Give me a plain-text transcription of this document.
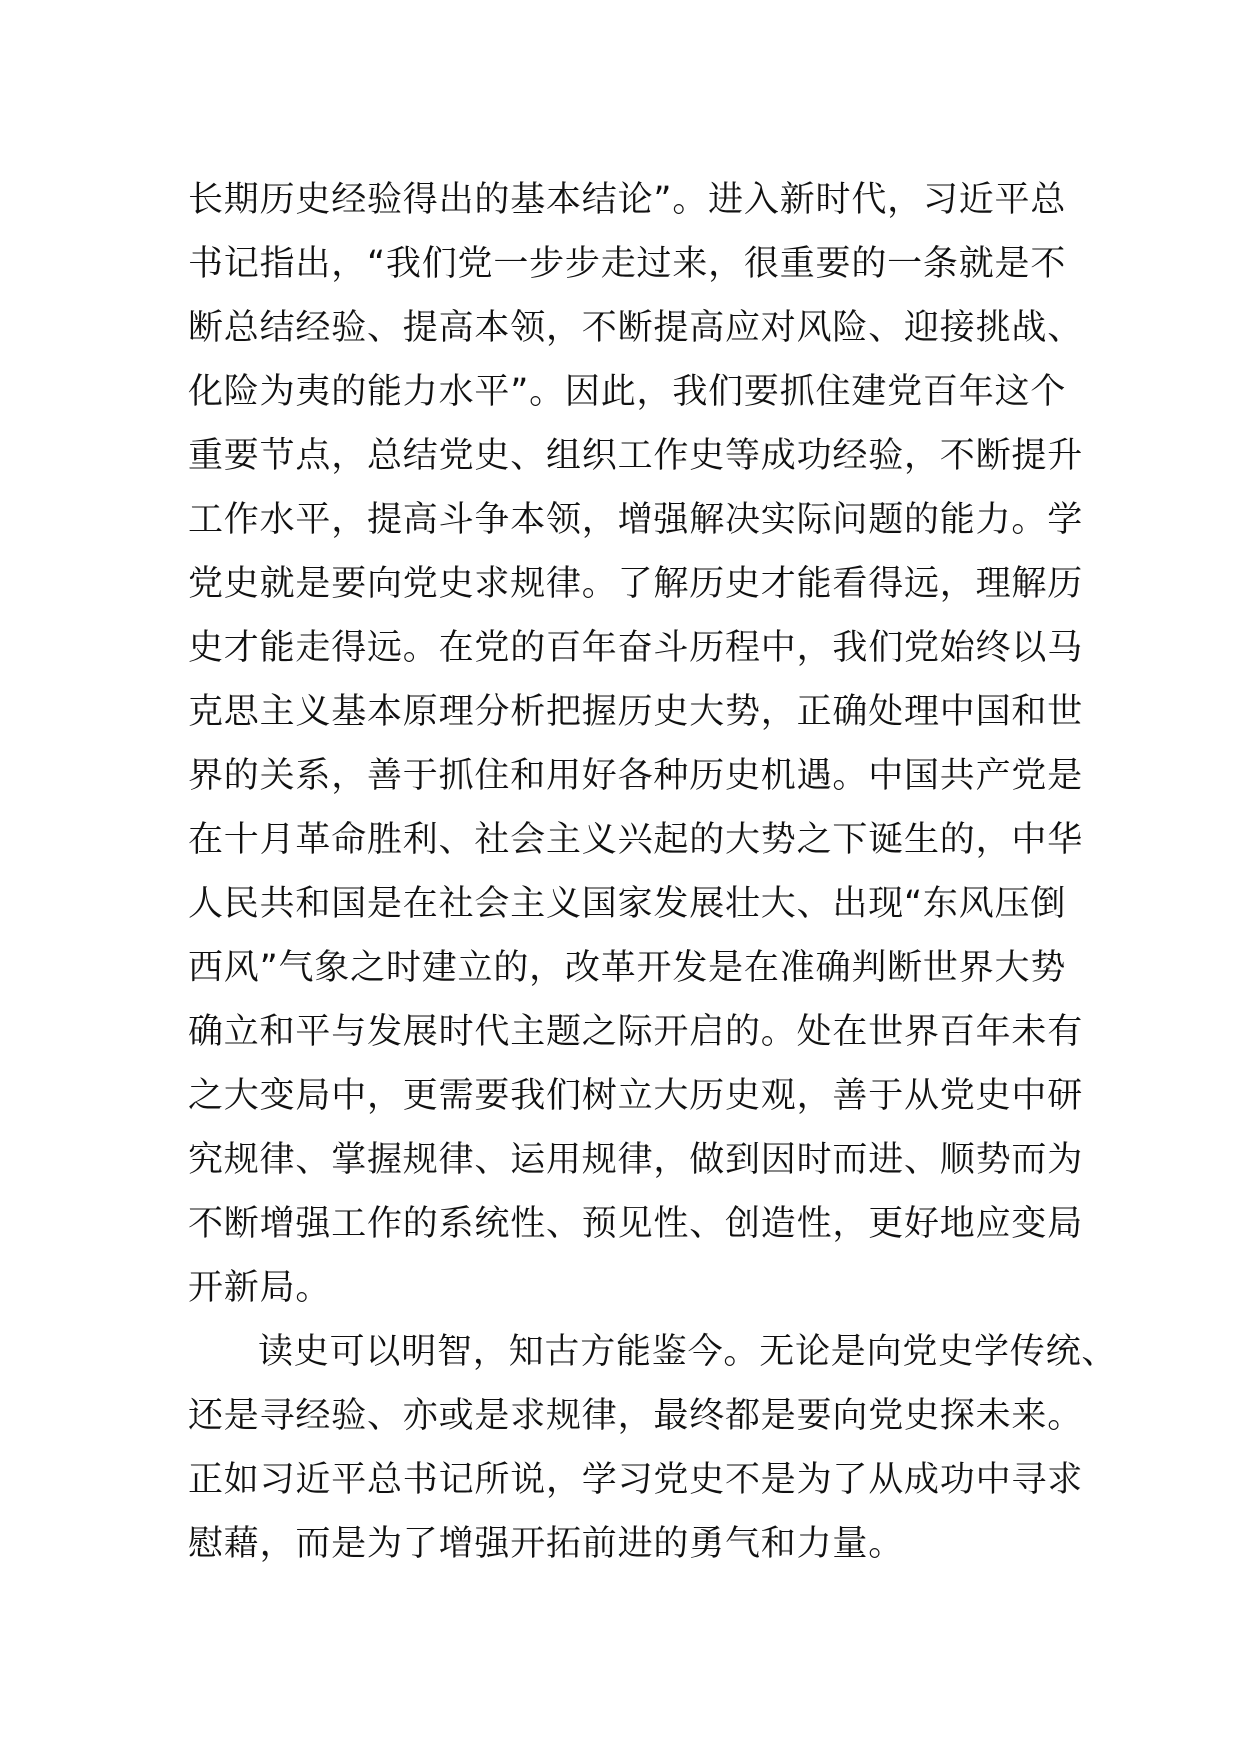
长期历史经验得出的基本结论”。进入新时代，习近平总
书记指出，“我们党一步步走过来，很重要的一条就是不
断总结经验、提高本领，不断提高应对风险、迎接挑战、
化险为夷的能力水平”。因此，我们要抓住建党百年这个
重要节点，总结党史、组织工作史等成功经验，不断提升
工作水平，提高斗争本领，增强解决实际问题的能力。学
党史就是要向党史求规律。了解历史才能看得远，理解历
史才能走得远。在党的百年奋斗历程中，我们党始终以马
克思主义基本原理分析把握历史大势，正确处理中国和世
界的关系，善于抓住和用好各种历史机遇。中国共产党是
在十月革命胜利、社会主义兴起的大势之下诞生的，中华
人民共和国是在社会主义国家发展壮大、出现“东风压倒
西风”气象之时建立的，改革开发是在准确判断世界大势
确立和平与发展时代主题之际开启的。处在世界百年未有
之大变局中，更需要我们树立大历史观，善于从党史中研
究规律、掌握规律、运用规律，做到因时而进、顺势而为
不断增强工作的系统性、预见性、创造性，更好地应变局
开新局。
读史可以明智，知古方能鉴今。无论是向党史学传统、
还是寻经验、亦或是求规律，最终都是要向党史探未来。
正如习近平总书记所说，学习党史不是为了从成功中寻求
慰藉，而是为了增强开拓前进的勇气和力量。
